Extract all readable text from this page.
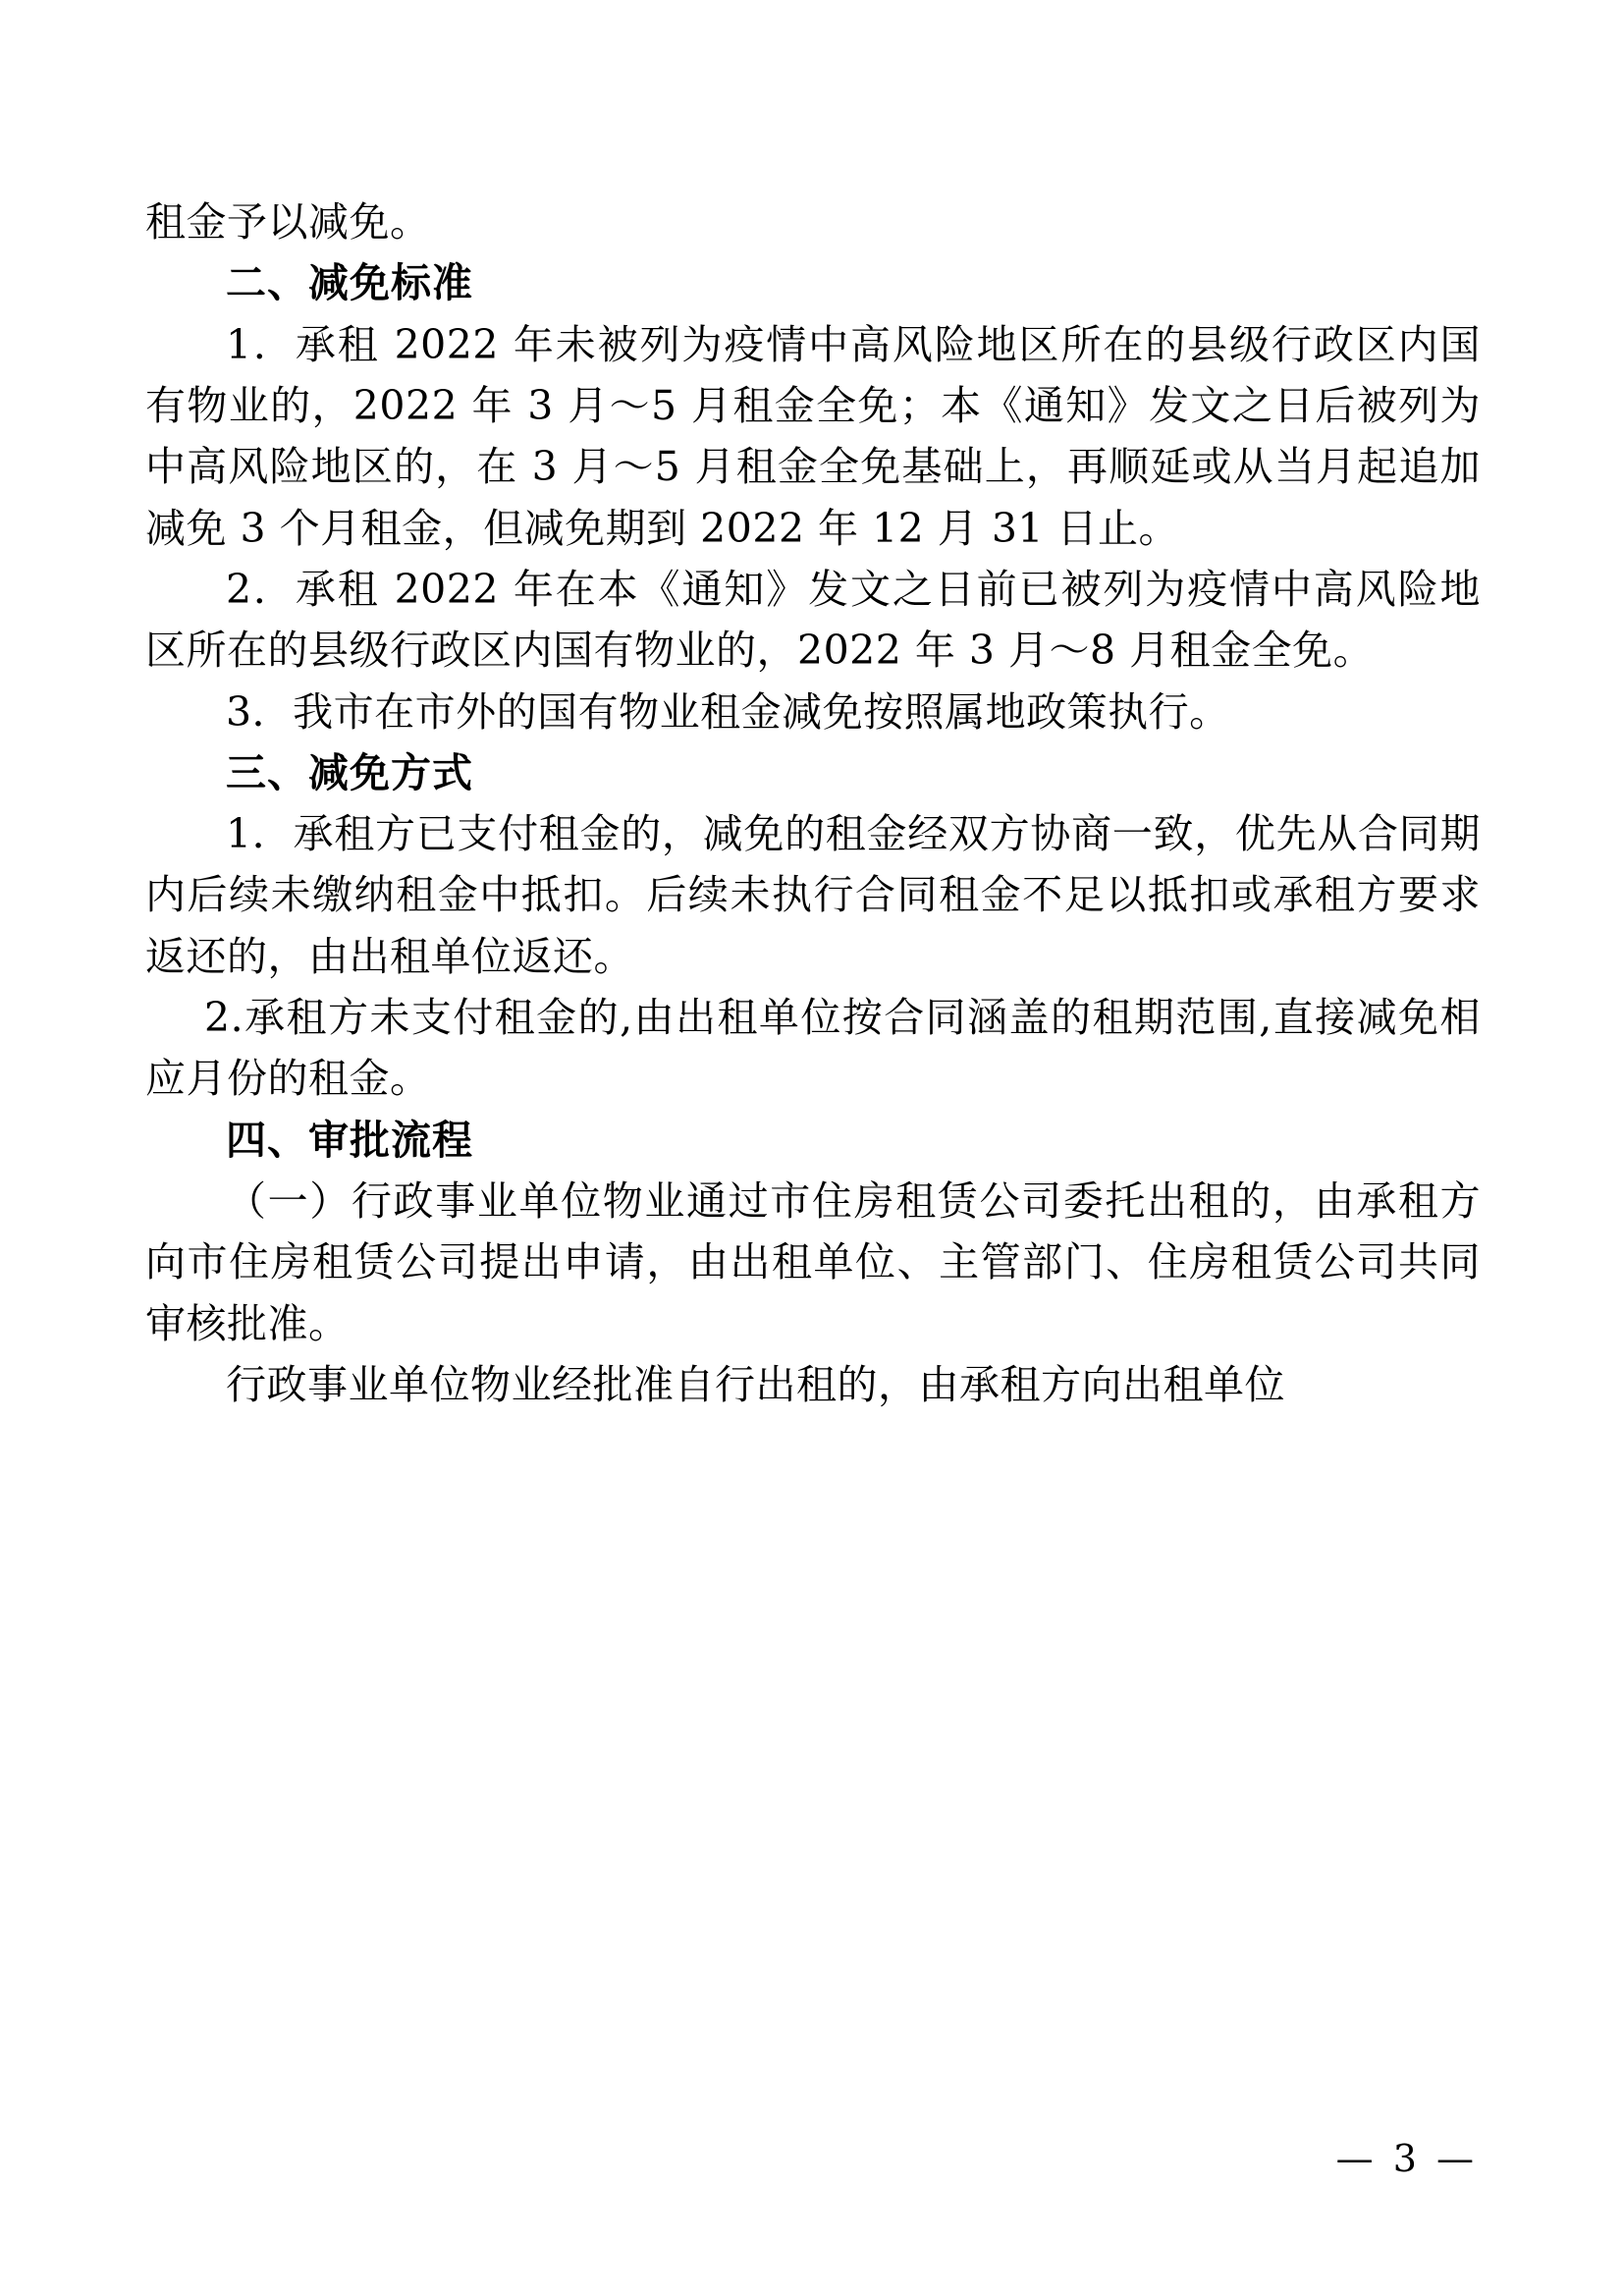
租金予以减免。

二、减免标准

1．承租 2022 年未被列为疫情中高风险地区所在的县级行政区内国有物业的，2022 年 3 月～5 月租金全免；本《通知》发文之日后被列为中高风险地区的，在 3 月～5 月租金全免基础上，再顺延或从当月起追加减免 3 个月租金，但减免期到 2022 年 12 月 31 日止。

2．承租 2022 年在本《通知》发文之日前已被列为疫情中高风险地区所在的县级行政区内国有物业的，2022 年 3 月～8 月租金全免。

3．我市在市外的国有物业租金减免按照属地政策执行。

三、减免方式

1．承租方已支付租金的，减免的租金经双方协商一致，优先从合同期内后续未缴纳租金中抵扣。后续未执行合同租金不足以抵扣或承租方要求返还的，由出租单位返还。

2.承租方未支付租金的,由出租单位按合同涵盖的租期范围,直接减免相应月份的租金。

四、审批流程

（一）行政事业单位物业通过市住房租赁公司委托出租的，由承租方向市住房租赁公司提出申请，由出租单位、主管部门、住房租赁公司共同审核批准。

行政事业单位物业经批准自行出租的，由承租方向出租单位

— 3 —
